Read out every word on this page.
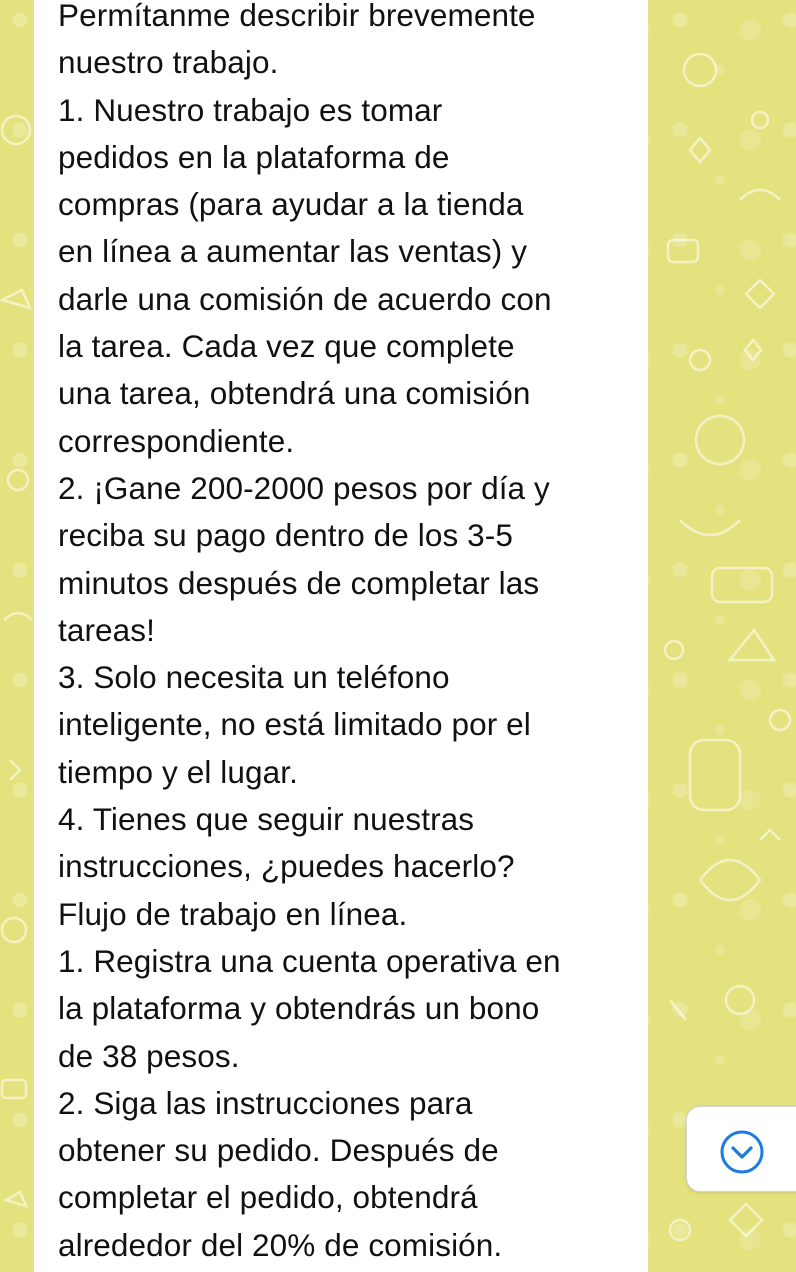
Permítanme describir brevemente
nuestro trabajo.
1. Nuestro trabajo es tomar
pedidos en la plataforma de
compras (para ayudar a la tienda
en línea a aumentar las ventas) y
darle una comisión de acuerdo con
la tarea. Cada vez que complete
una tarea, obtendrá una comisión
correspondiente.
2. ¡Gane 200-2000 pesos por día y
reciba su pago dentro de los 3-5
minutos después de completar las
tareas!
3. Solo necesita un teléfono
inteligente, no está limitado por el
tiempo y el lugar.
4. Tienes que seguir nuestras
instrucciones, ¿puedes hacerlo?
Flujo de trabajo en línea.
1. Registra una cuenta operativa en
la plataforma y obtendrás un bono
de 38 pesos.
2. Siga las instrucciones para
obtener su pedido. Después de
completar el pedido, obtendrá
alrededor del 20% de comisión.
